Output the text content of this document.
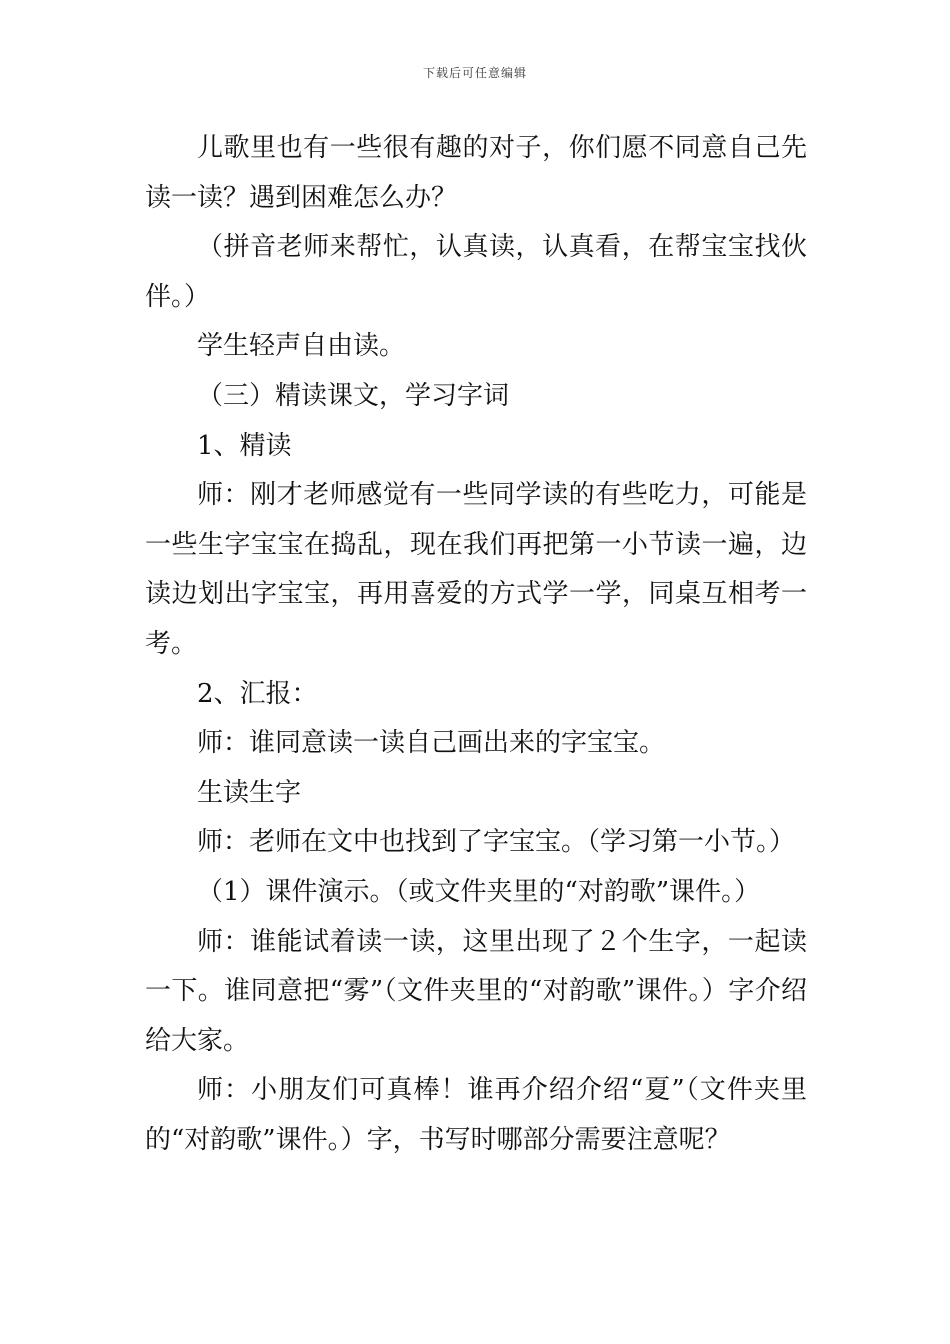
下载后可任意编辑

儿歌里也有一些很有趣的对子，你们愿不同意自己先读一读？遇到困难怎么办？

（拼音老师来帮忙，认真读，认真看，在帮宝宝找伙伴。）

学生轻声自由读。

（三）精读课文，学习字词

1、精读

师：刚才老师感觉有一些同学读的有些吃力，可能是一些生字宝宝在捣乱，现在我们再把第一小节读一遍，边读边划出字宝宝，再用喜爱的方式学一学，同桌互相考一考。

2、汇报：

师：谁同意读一读自己画出来的字宝宝。

生读生字

师：老师在文中也找到了字宝宝。（学习第一小节。）

（1）课件演示。（或文件夹里的“对韵歌”课件。）

师：谁能试着读一读，这里出现了２个生字，一起读一下。谁同意把“雾”（文件夹里的“对韵歌”课件。）字介绍给大家。

师：小朋友们可真棒！谁再介绍介绍“夏”（文件夹里的“对韵歌”课件。）字，书写时哪部分需要注意呢？
